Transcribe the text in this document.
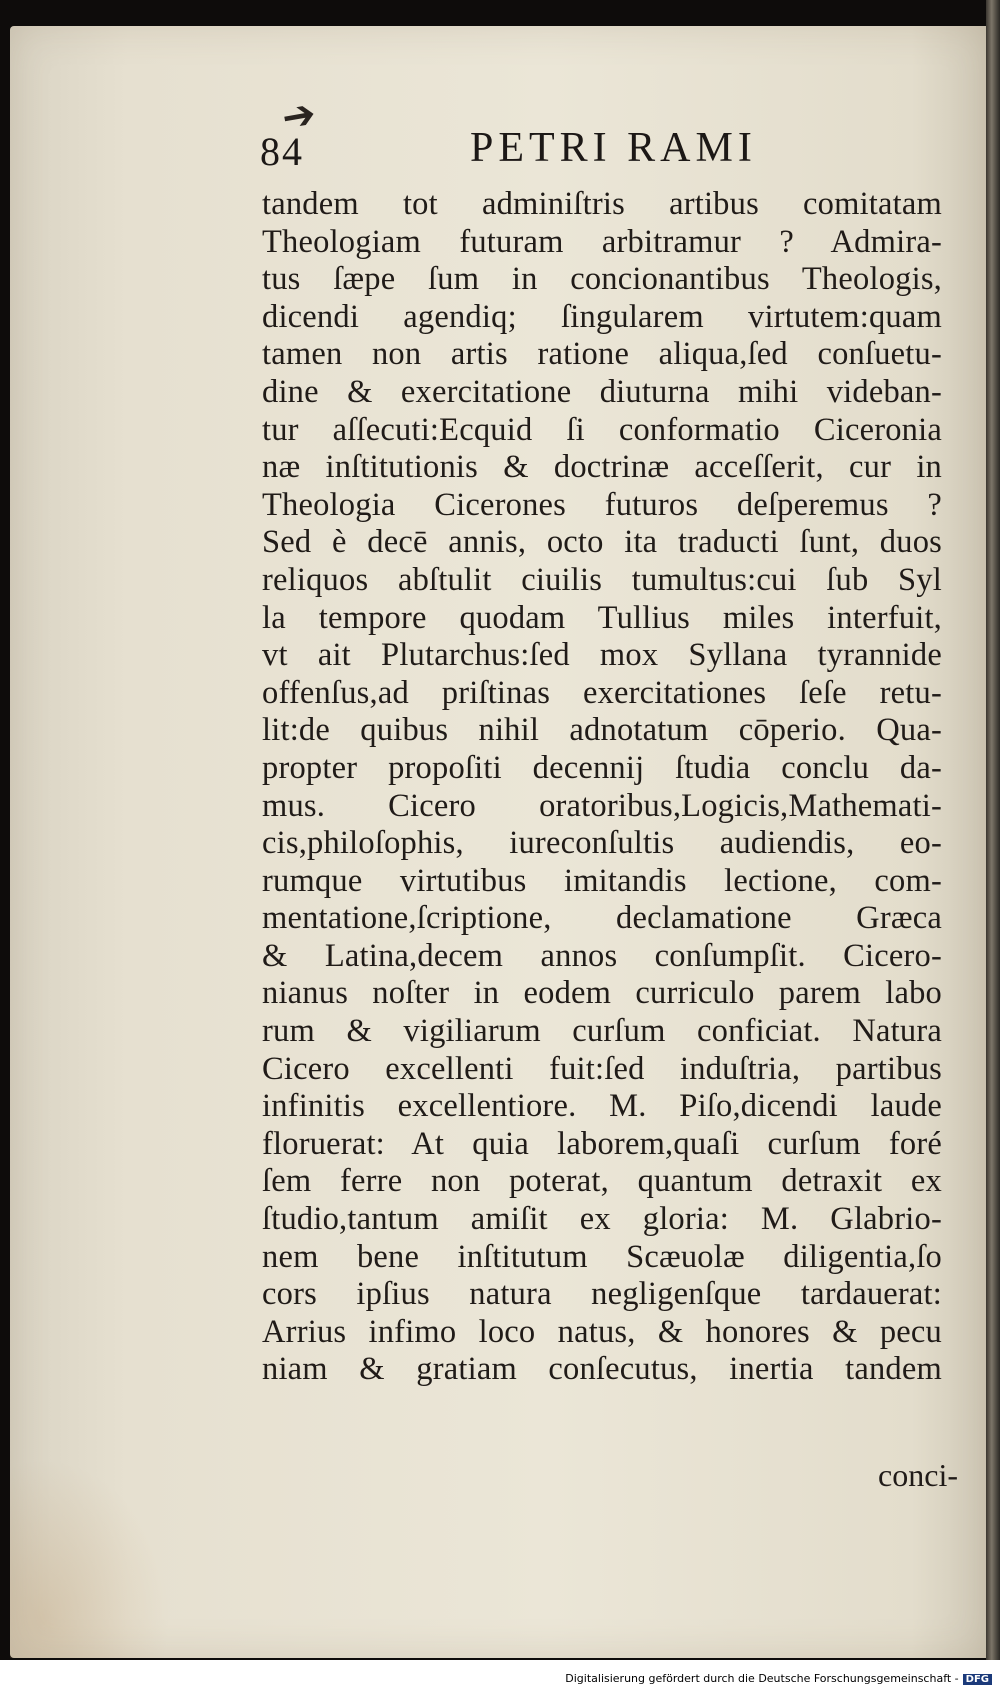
➔
84	PETRI RAMI
tandem tot adminiſtris artibus comitatam
Theologiam futuram arbitramur ? Admira-
tus ſæpe ſum in concionantibus Theologis,
dicendi agendiq; ſingularem virtutem:quam
tamen non artis ratione aliqua,ſed conſuetu-
dine & exercitatione diuturna mihi videban-
tur aſſecuti:Ecquid ſi conformatio Ciceronia
næ inſtitutionis & doctrinæ acceſſerit, cur in
Theologia Cicerones futuros deſperemus ?
Sed è decē annis, octo ita traducti ſunt, duos
reliquos abſtulit ciuilis tumultus:cui ſub Syl
la tempore quodam Tullius miles interfuit,
vt ait Plutarchus:ſed mox Syllana tyrannide
offenſus,ad priſtinas exercitationes ſeſe retu-
lit:de quibus nihil adnotatum cōperio. Qua-
propter propoſiti decennij ſtudia conclu da-
mus. Cicero oratoribus,Logicis,Mathemati-
cis,philoſophis, iureconſultis audiendis, eo-
rumque virtutibus imitandis lectione, com-
mentatione,ſcriptione, declamatione Græca
& Latina,decem annos conſumpſit. Cicero-
nianus noſter in eodem curriculo parem labo
rum & vigiliarum curſum conficiat. Natura
Cicero excellenti fuit:ſed induſtria, partibus
infinitis excellentiore. M. Piſo,dicendi laude
floruerat: At quia laborem,quaſi curſum foré
ſem ferre non poterat, quantum detraxit ex
ſtudio,tantum amiſit ex gloria: M. Glabrio-
nem bene inſtitutum Scæuolæ diligentia,ſo
cors ipſius natura negligenſque tardauerat:
Arrius infimo loco natus, & honores & pecu
niam & gratiam conſecutus, inertia tandem
conci-
Digitalisierung gefördert durch die Deutsche Forschungsgemeinschaft - DFG
